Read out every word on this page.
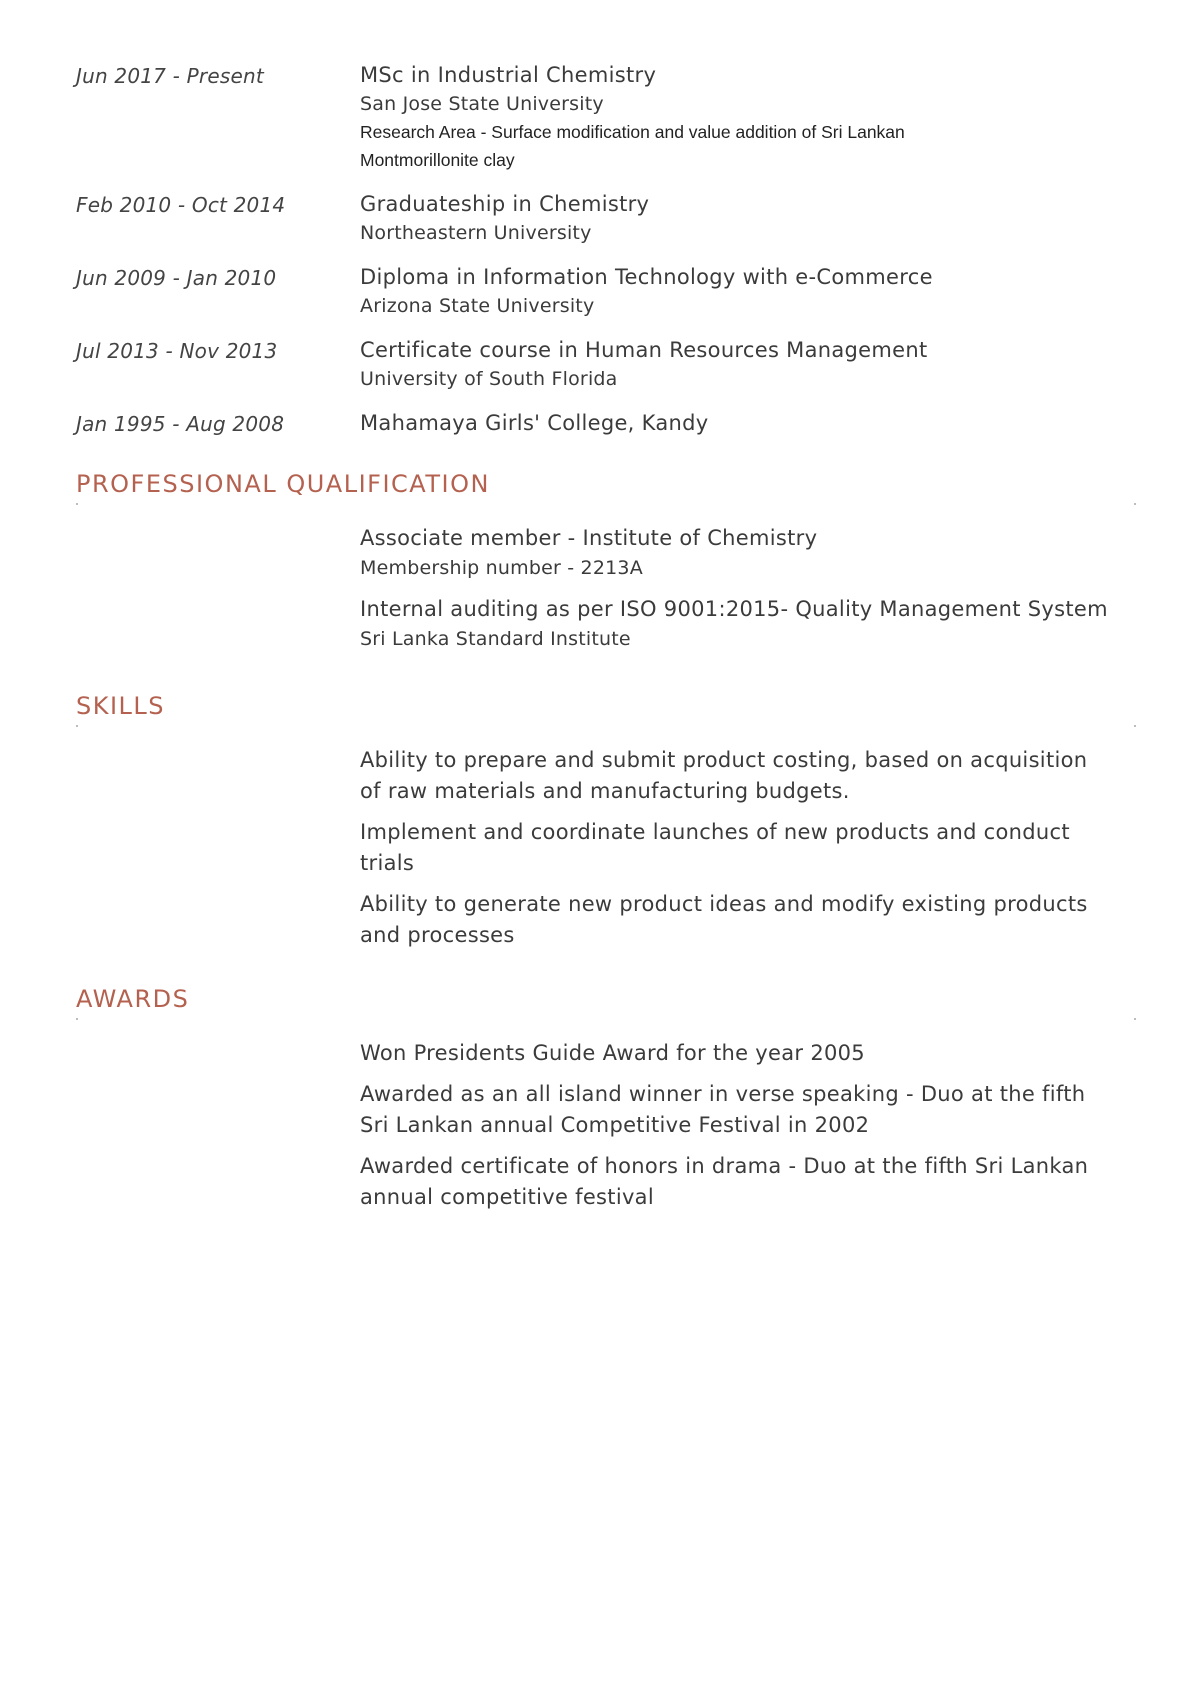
Jun 2017 - Present	MSc in Industrial Chemistry
San Jose State University
Research Area - Surface modification and value addition of Sri Lankan
Montmorillonite clay
Feb 2010 - Oct 2014	Graduateship in Chemistry
Northeastern University
Jun 2009 - Jan 2010	Diploma in Information Technology with e-Commerce
Arizona State University
Jul 2013 - Nov 2013	Certificate course in Human Resources Management
University of South Florida
Jan 1995 - Aug 2008	Mahamaya Girls' College, Kandy
PROFESSIONAL QUALIFICATION
Associate member - Institute of Chemistry
Membership number - 2213A
Internal auditing as per ISO 9001:2015- Quality Management System
Sri Lanka Standard Institute
SKILLS
Ability to prepare and submit product costing, based on acquisition
of raw materials and manufacturing budgets.
Implement and coordinate launches of new products and conduct
trials
Ability to generate new product ideas and modify existing products
and processes
AWARDS
Won Presidents Guide Award for the year 2005
Awarded as an all island winner in verse speaking - Duo at the fifth
Sri Lankan annual Competitive Festival in 2002
Awarded certificate of honors in drama - Duo at the fifth Sri Lankan
annual competitive festival
